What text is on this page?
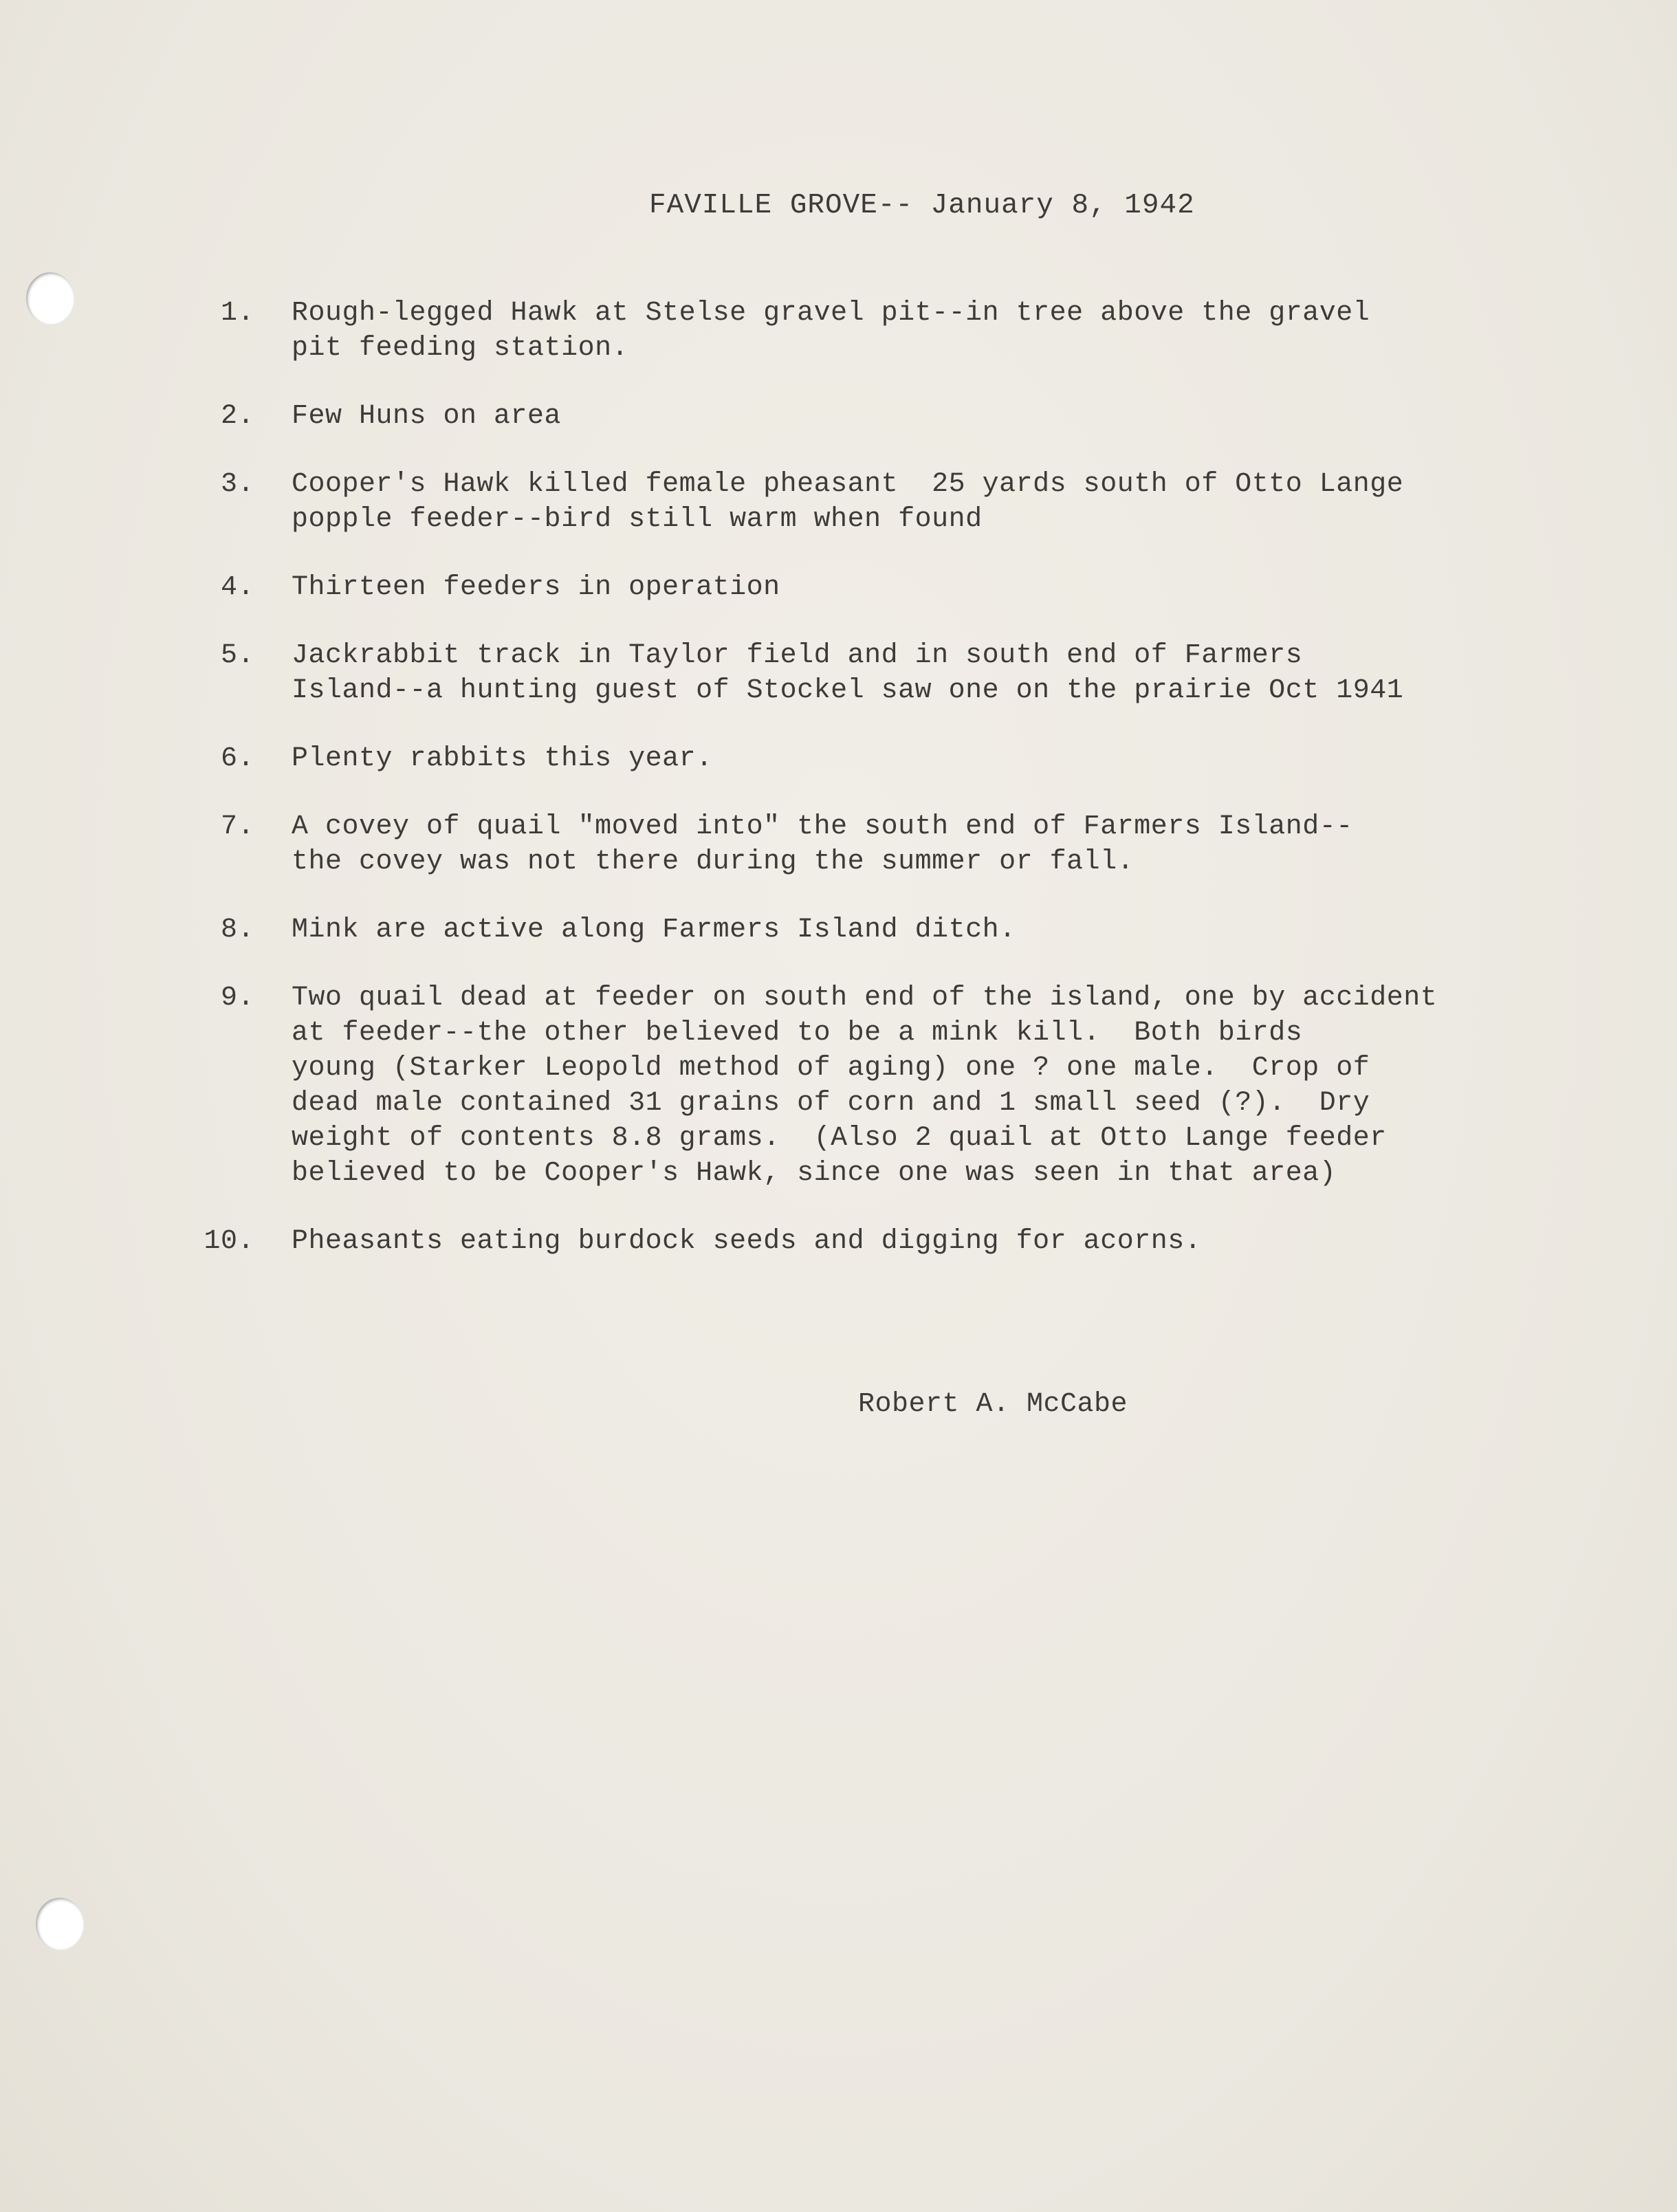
FAVILLE GROVE-- January 8, 1942
1.	Rough-legged Hawk at Stelse gravel pit--in tree above the gravel
pit feeding station.
2.	Few Huns on area
3.	Cooper's Hawk killed female pheasant  25 yards south of Otto Lange
popple feeder--bird still warm when found
4.	Thirteen feeders in operation
5.	Jackrabbit track in Taylor field and in south end of Farmers
Island--a hunting guest of Stockel saw one on the prairie Oct 1941
6.	Plenty rabbits this year.
7.	A covey of quail "moved into" the south end of Farmers Island--
the covey was not there during the summer or fall.
8.	Mink are active along Farmers Island ditch.
9.	Two quail dead at feeder on south end of the island, one by accident
at feeder--the other believed to be a mink kill.  Both birds
young (Starker Leopold method of aging) one ? one male.  Crop of
dead male contained 31 grains of corn and 1 small seed (?).  Dry
weight of contents 8.8 grams.  (Also 2 quail at Otto Lange feeder
believed to be Cooper's Hawk, since one was seen in that area)
10.	Pheasants eating burdock seeds and digging for acorns.
Robert A. McCabe
